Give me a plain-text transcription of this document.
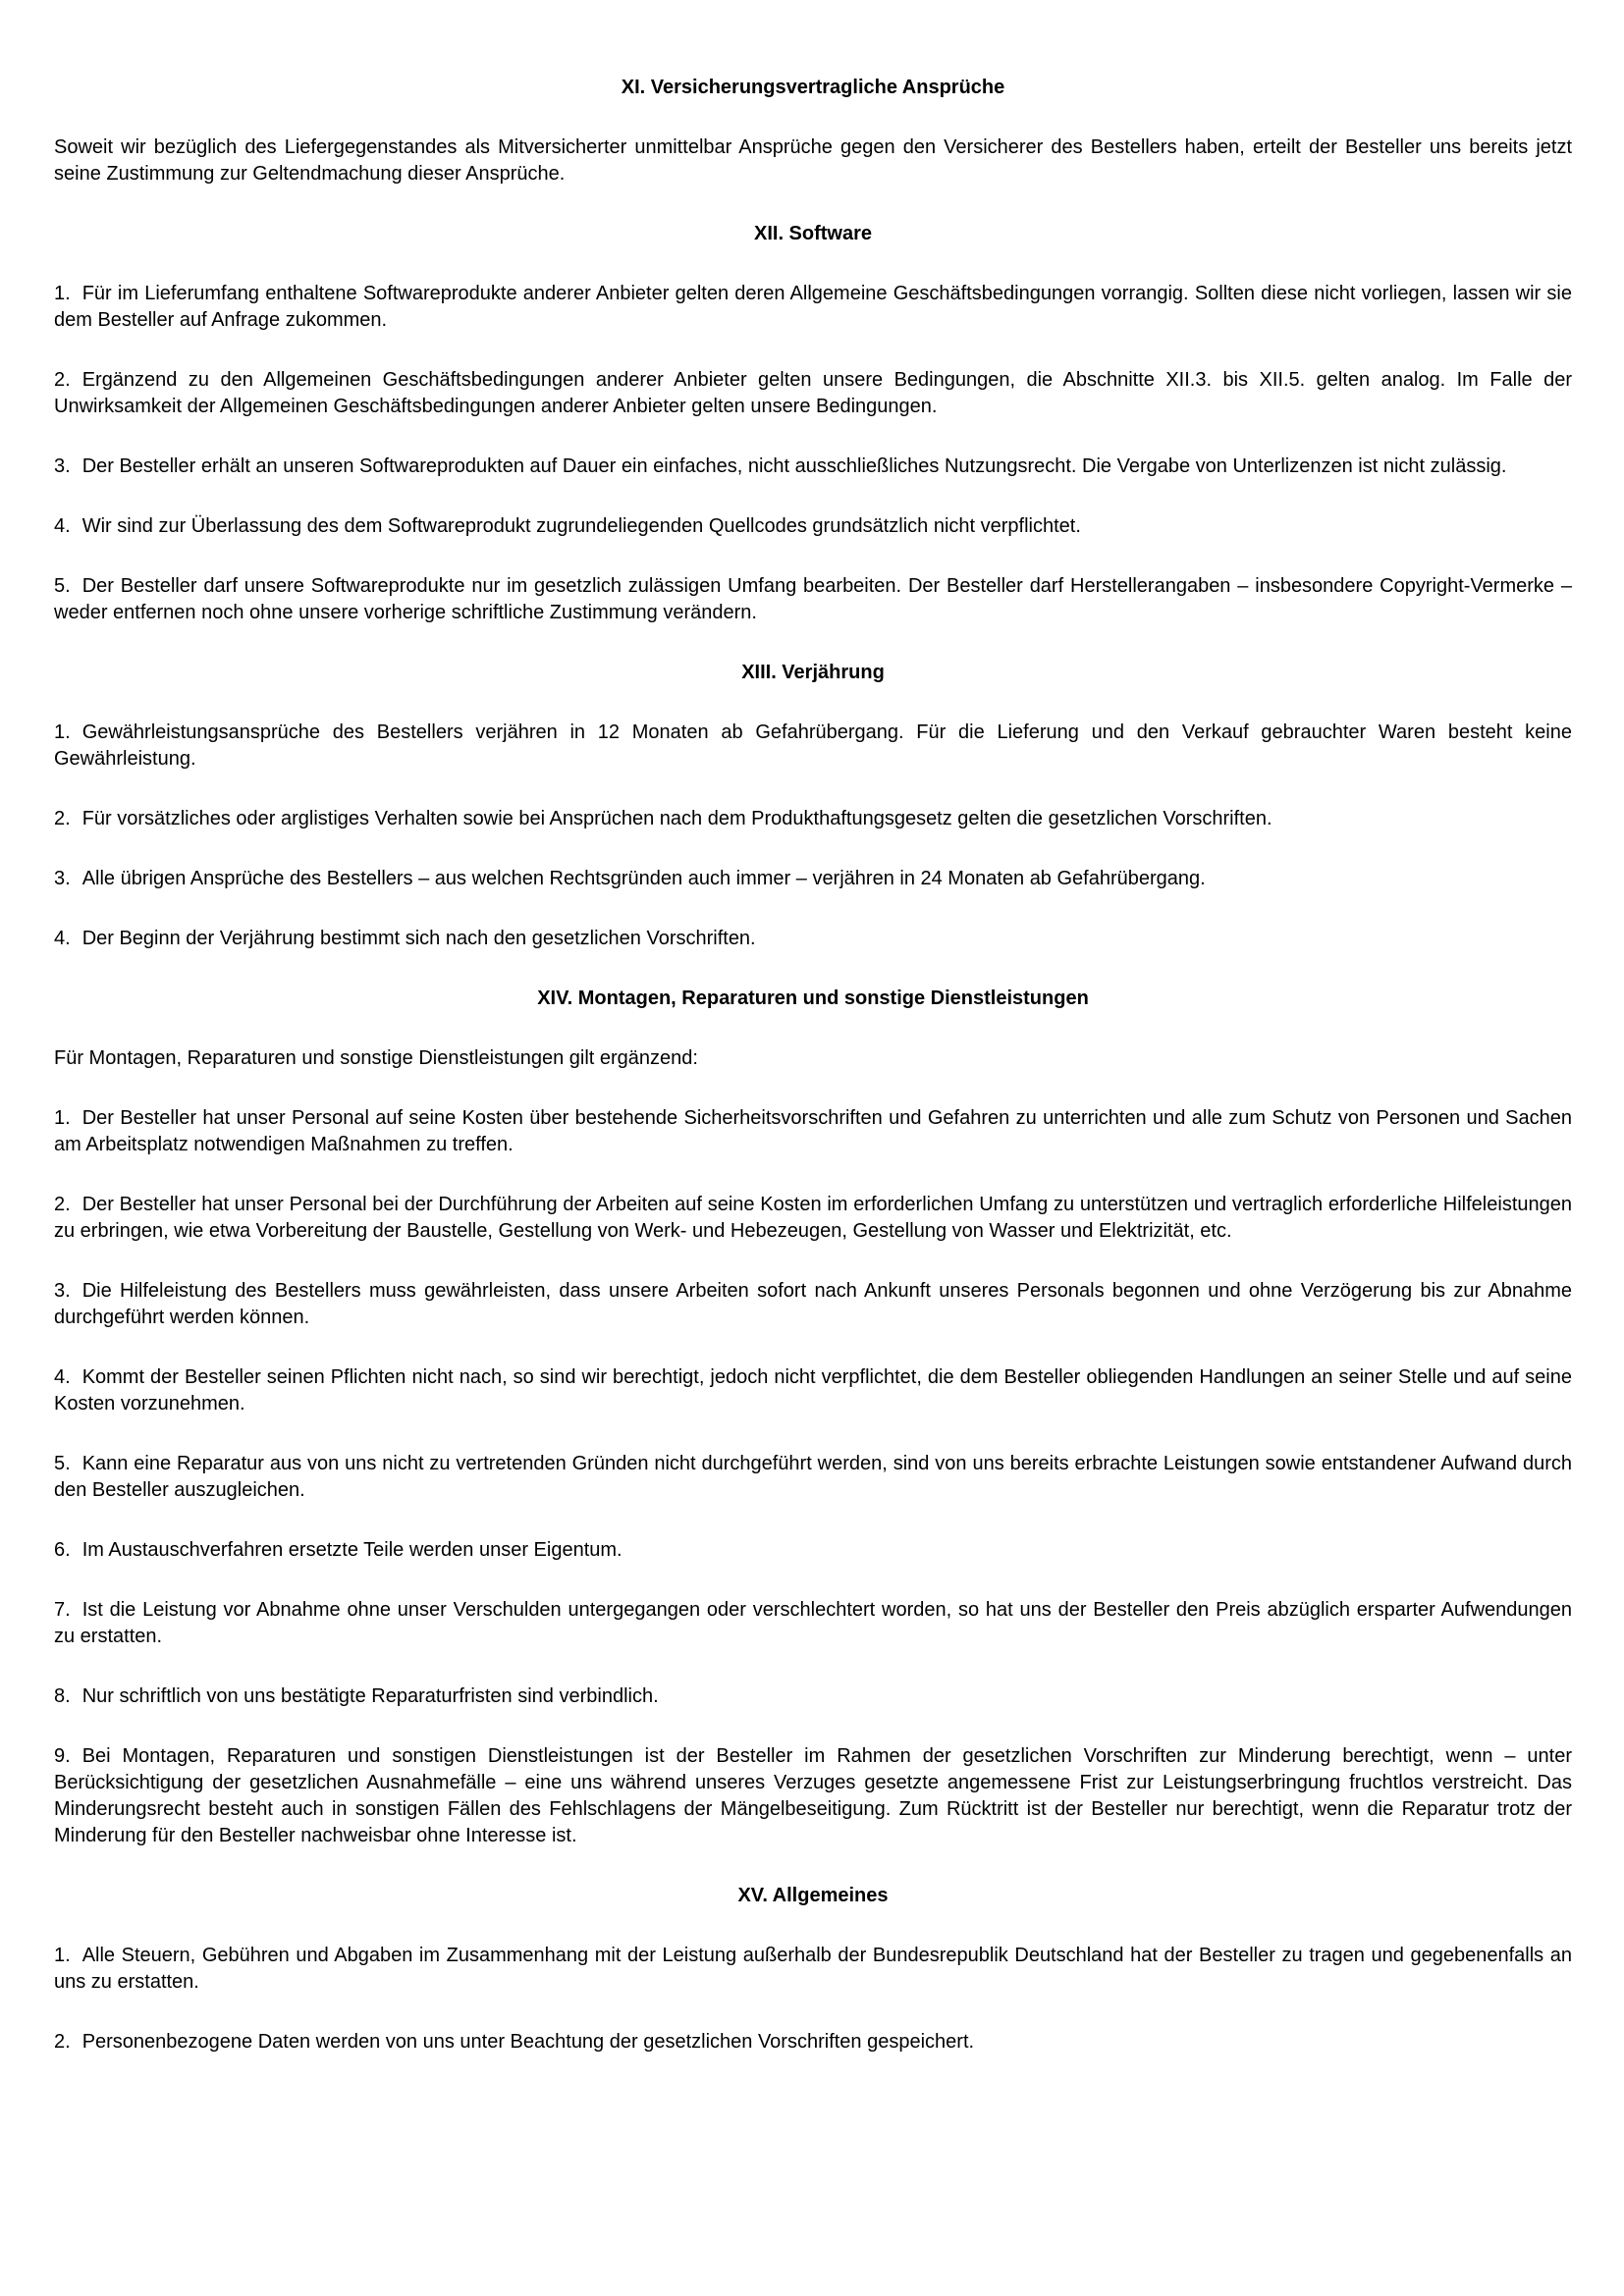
XI. Versicherungsvertragliche Ansprüche

Soweit wir bezüglich des Liefergegenstandes als Mitversicherter unmittelbar Ansprüche gegen den Versicherer des Bestellers haben, erteilt der Besteller uns bereits jetzt seine Zustimmung zur Geltendmachung dieser Ansprüche.

XII. Software

1. Für im Lieferumfang enthaltene Softwareprodukte anderer Anbieter gelten deren Allgemeine Geschäftsbedingungen vorrangig. Sollten diese nicht vorliegen, lassen wir sie dem Besteller auf Anfrage zukommen.

2. Ergänzend zu den Allgemeinen Geschäftsbedingungen anderer Anbieter gelten unsere Bedingungen, die Abschnitte XII.3. bis XII.5. gelten analog. Im Falle der Unwirksamkeit der Allgemeinen Geschäftsbedingungen anderer Anbieter gelten unsere Bedingungen.

3. Der Besteller erhält an unseren Softwareprodukten auf Dauer ein einfaches, nicht ausschließliches Nutzungsrecht. Die Vergabe von Unterlizenzen ist nicht zulässig.

4. Wir sind zur Überlassung des dem Softwareprodukt zugrundeliegenden Quellcodes grundsätzlich nicht verpflichtet.

5. Der Besteller darf unsere Softwareprodukte nur im gesetzlich zulässigen Umfang bearbeiten. Der Besteller darf Herstellerangaben – insbesondere Copyright-Vermerke – weder entfernen noch ohne unsere vorherige schriftliche Zustimmung verändern.

XIII. Verjährung

1. Gewährleistungsansprüche des Bestellers verjähren in 12 Monaten ab Gefahrübergang. Für die Lieferung und den Verkauf gebrauchter Waren besteht keine Gewährleistung.

2. Für vorsätzliches oder arglistiges Verhalten sowie bei Ansprüchen nach dem Produkthaftungsgesetz gelten die gesetzlichen Vorschriften.

3. Alle übrigen Ansprüche des Bestellers – aus welchen Rechtsgründen auch immer – verjähren in 24 Monaten ab Gefahrübergang.

4. Der Beginn der Verjährung bestimmt sich nach den gesetzlichen Vorschriften.

XIV. Montagen, Reparaturen und sonstige Dienstleistungen

Für Montagen, Reparaturen und sonstige Dienstleistungen gilt ergänzend:

1. Der Besteller hat unser Personal auf seine Kosten über bestehende Sicherheitsvorschriften und Gefahren zu unterrichten und alle zum Schutz von Personen und Sachen am Arbeitsplatz notwendigen Maßnahmen zu treffen.

2. Der Besteller hat unser Personal bei der Durchführung der Arbeiten auf seine Kosten im erforderlichen Umfang zu unterstützen und vertraglich erforderliche Hilfeleistungen zu erbringen, wie etwa Vorbereitung der Baustelle, Gestellung von Werk- und Hebezeugen, Gestellung von Wasser und Elektrizität, etc.

3. Die Hilfeleistung des Bestellers muss gewährleisten, dass unsere Arbeiten sofort nach Ankunft unseres Personals begonnen und ohne Verzögerung bis zur Abnahme durchgeführt werden können.

4. Kommt der Besteller seinen Pflichten nicht nach, so sind wir berechtigt, jedoch nicht verpflichtet, die dem Besteller obliegenden Handlungen an seiner Stelle und auf seine Kosten vorzunehmen.

5. Kann eine Reparatur aus von uns nicht zu vertretenden Gründen nicht durchgeführt werden, sind von uns bereits erbrachte Leistungen sowie entstandener Aufwand durch den Besteller auszugleichen.

6. Im Austauschverfahren ersetzte Teile werden unser Eigentum.

7. Ist die Leistung vor Abnahme ohne unser Verschulden untergegangen oder verschlechtert worden, so hat uns der Besteller den Preis abzüglich ersparter Aufwendungen zu erstatten.

8. Nur schriftlich von uns bestätigte Reparaturfristen sind verbindlich.

9. Bei Montagen, Reparaturen und sonstigen Dienstleistungen ist der Besteller im Rahmen der gesetzlichen Vorschriften zur Minderung berechtigt, wenn – unter Berücksichtigung der gesetzlichen Ausnahmefälle – eine uns während unseres Verzuges gesetzte angemessene Frist zur Leistungserbringung fruchtlos verstreicht. Das Minderungsrecht besteht auch in sonstigen Fällen des Fehlschlagens der Mängelbeseitigung. Zum Rücktritt ist der Besteller nur berechtigt, wenn die Reparatur trotz der Minderung für den Besteller nachweisbar ohne Interesse ist.

XV. Allgemeines

1. Alle Steuern, Gebühren und Abgaben im Zusammenhang mit der Leistung außerhalb der Bundesrepublik Deutschland hat der Besteller zu tragen und gegebenenfalls an uns zu erstatten.

2. Personenbezogene Daten werden von uns unter Beachtung der gesetzlichen Vorschriften gespeichert.
